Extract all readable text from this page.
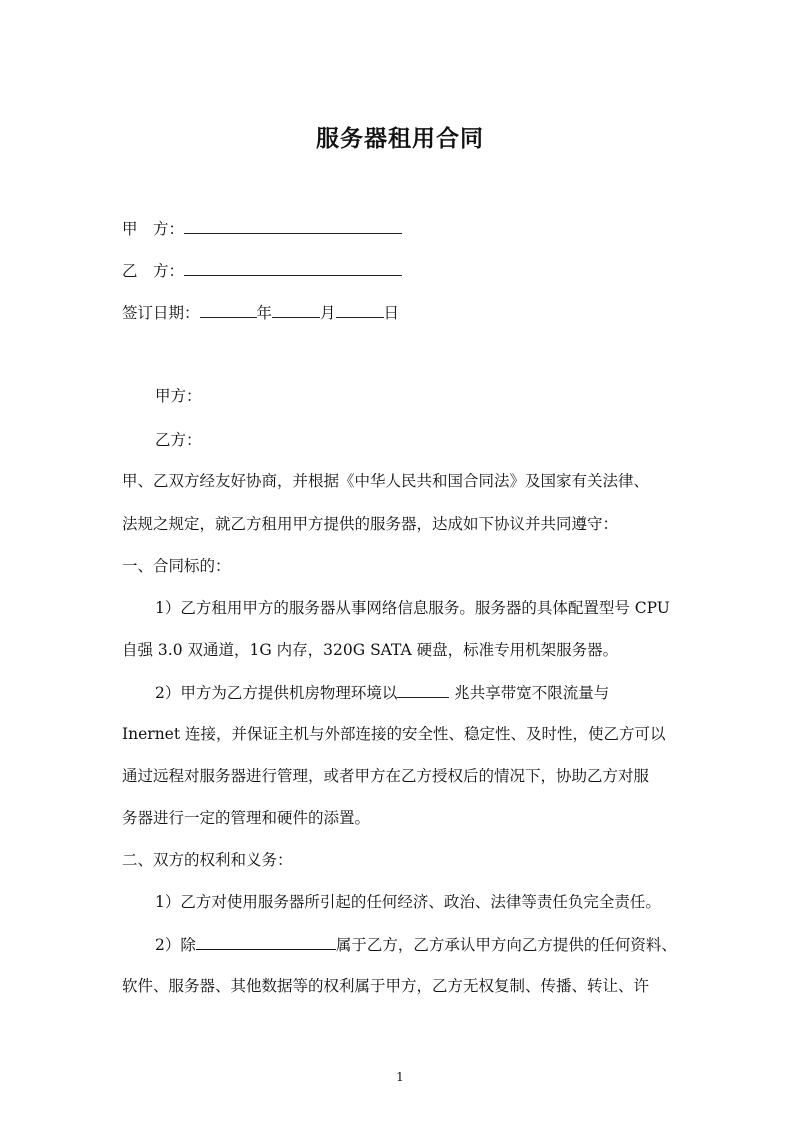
服务器租用合同
甲　方：
乙　方：
签订日期：	年	月	日
甲方：
乙方：
甲、乙双方经友好协商，并根据《中华人民共和国合同法》及国家有关法律、
法规之规定，就乙方租用甲方提供的服务器，达成如下协议并共同遵守：
一、合同标的：
1）乙方租用甲方的服务器从事网络信息服务。服务器的具体配置型号 CPU
自强 3.0 双通道，1G 内存，320G SATA 硬盘，标准专用机架服务器。
2）甲方为乙方提供机房物理环境以	兆共享带宽不限流量与
Inernet 连接，并保证主机与外部连接的安全性、稳定性、及时性，使乙方可以
通过远程对服务器进行管理，或者甲方在乙方授权后的情况下，协助乙方对服
务器进行一定的管理和硬件的添置。
二、双方的权利和义务：
1）乙方对使用服务器所引起的任何经济、政治、法律等责任负完全责任。
2）除	属于乙方，乙方承认甲方向乙方提供的任何资料、
软件、服务器、其他数据等的权利属于甲方，乙方无权复制、传播、转让、许
1
